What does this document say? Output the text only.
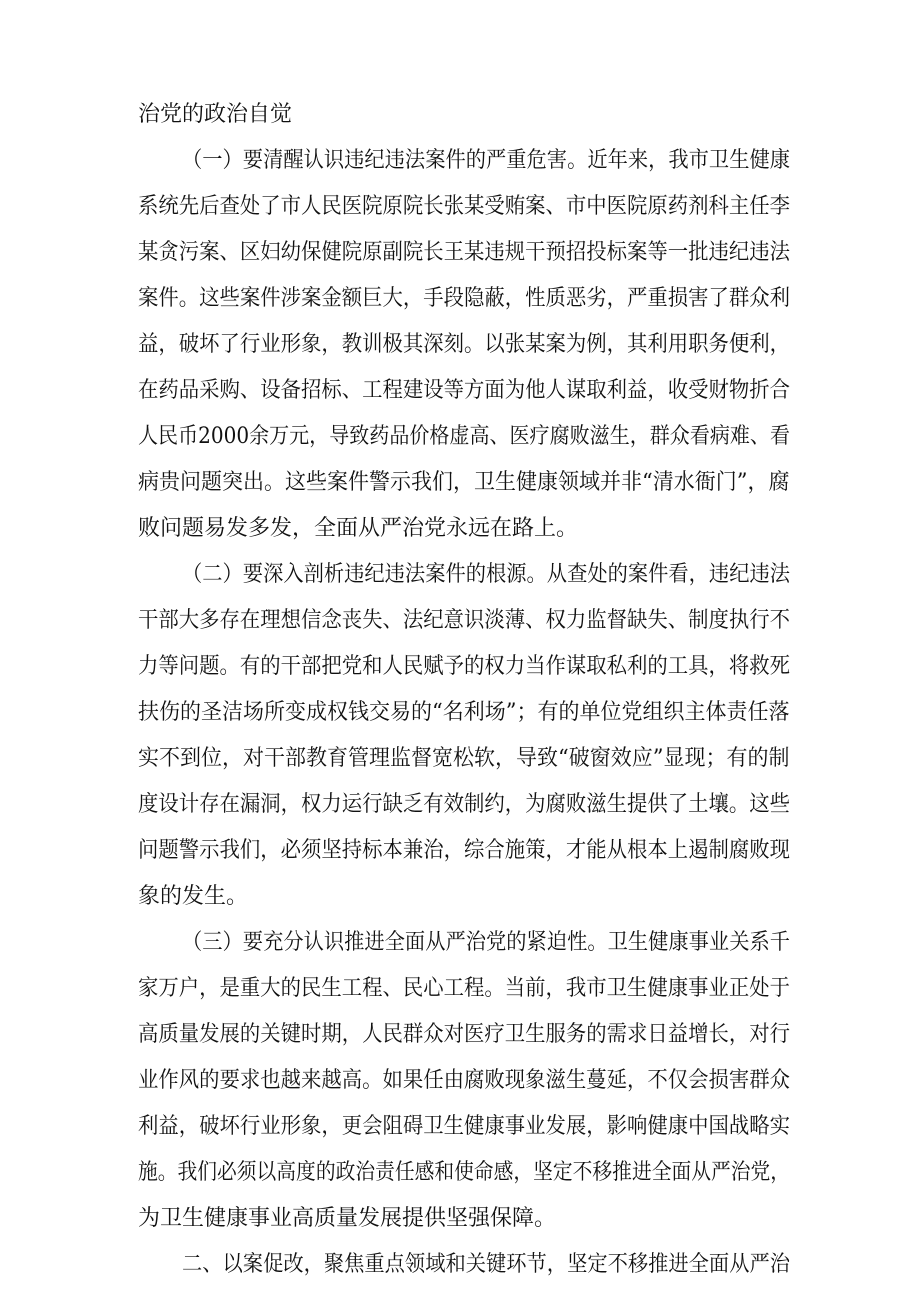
治党的政治自觉
（一）要清醒认识违纪违法案件的严重危害。近年来，我市卫生健康
系统先后查处了市人民医院原院长张某受贿案、市中医院原药剂科主任李
某贪污案、区妇幼保健院原副院长王某违规干预招投标案等一批违纪违法
案件。这些案件涉案金额巨大，手段隐蔽，性质恶劣，严重损害了群众利
益，破坏了行业形象，教训极其深刻。以张某案为例，其利用职务便利，
在药品采购、设备招标、工程建设等方面为他人谋取利益，收受财物折合
人民币2000余万元，导致药品价格虚高、医疗腐败滋生，群众看病难、看
病贵问题突出。这些案件警示我们，卫生健康领域并非“清水衙门”，腐
败问题易发多发，全面从严治党永远在路上。
（二）要深入剖析违纪违法案件的根源。从查处的案件看，违纪违法
干部大多存在理想信念丧失、法纪意识淡薄、权力监督缺失、制度执行不
力等问题。有的干部把党和人民赋予的权力当作谋取私利的工具，将救死
扶伤的圣洁场所变成权钱交易的“名利场”；有的单位党组织主体责任落
实不到位，对干部教育管理监督宽松软，导致“破窗效应”显现；有的制
度设计存在漏洞，权力运行缺乏有效制约，为腐败滋生提供了土壤。这些
问题警示我们，必须坚持标本兼治，综合施策，才能从根本上遏制腐败现
象的发生。
（三）要充分认识推进全面从严治党的紧迫性。卫生健康事业关系千
家万户，是重大的民生工程、民心工程。当前，我市卫生健康事业正处于
高质量发展的关键时期，人民群众对医疗卫生服务的需求日益增长，对行
业作风的要求也越来越高。如果任由腐败现象滋生蔓延，不仅会损害群众
利益，破坏行业形象，更会阻碍卫生健康事业发展，影响健康中国战略实
施。我们必须以高度的政治责任感和使命感，坚定不移推进全面从严治党，
为卫生健康事业高质量发展提供坚强保障。
二、以案促改，聚焦重点领域和关键环节，坚定不移推进全面从严治
